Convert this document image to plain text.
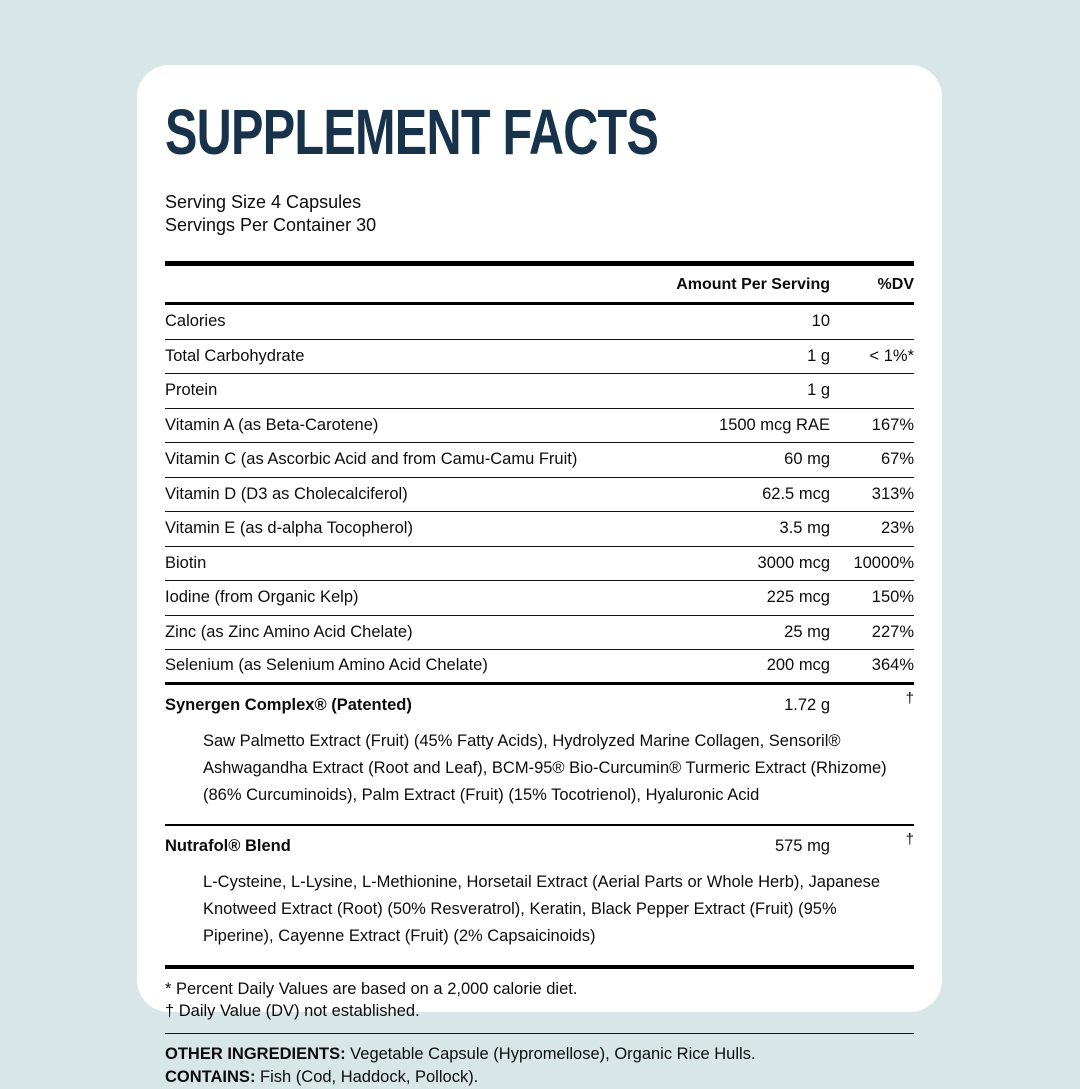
SUPPLEMENT FACTS
Serving Size 4 Capsules
Servings Per Container 30
Amount Per Serving	%DV
Calories	10
Total Carbohydrate	1 g	< 1%*
Protein	1 g
Vitamin A (as Beta-Carotene)	1500 mcg RAE	167%
Vitamin C (as Ascorbic Acid and from Camu-Camu Fruit)	60 mg	67%
Vitamin D (D3 as Cholecalciferol)	62.5 mcg	313%
Vitamin E (as d-alpha Tocopherol)	3.5 mg	23%
Biotin	3000 mcg	10000%
Iodine (from Organic Kelp)	225 mcg	150%
Zinc (as Zinc Amino Acid Chelate)	25 mg	227%
Selenium (as Selenium Amino Acid Chelate)	200 mcg	364%
Synergen Complex® (Patented)	1.72 g	†
Saw Palmetto Extract (Fruit) (45% Fatty Acids), Hydrolyzed Marine Collagen, Sensoril® Ashwagandha Extract (Root and Leaf), BCM-95® Bio-Curcumin® Turmeric Extract (Rhizome) (86% Curcuminoids), Palm Extract (Fruit) (15% Tocotrienol), Hyaluronic Acid
Nutrafol® Blend	575 mg	†
L-Cysteine, L-Lysine, L-Methionine, Horsetail Extract (Aerial Parts or Whole Herb), Japanese Knotweed Extract (Root) (50% Resveratrol), Keratin, Black Pepper Extract (Fruit) (95% Piperine), Cayenne Extract (Fruit) (2% Capsaicinoids)
* Percent Daily Values are based on a 2,000 calorie diet.
† Daily Value (DV) not established.
OTHER INGREDIENTS: Vegetable Capsule (Hypromellose), Organic Rice Hulls.
CONTAINS: Fish (Cod, Haddock, Pollock).
